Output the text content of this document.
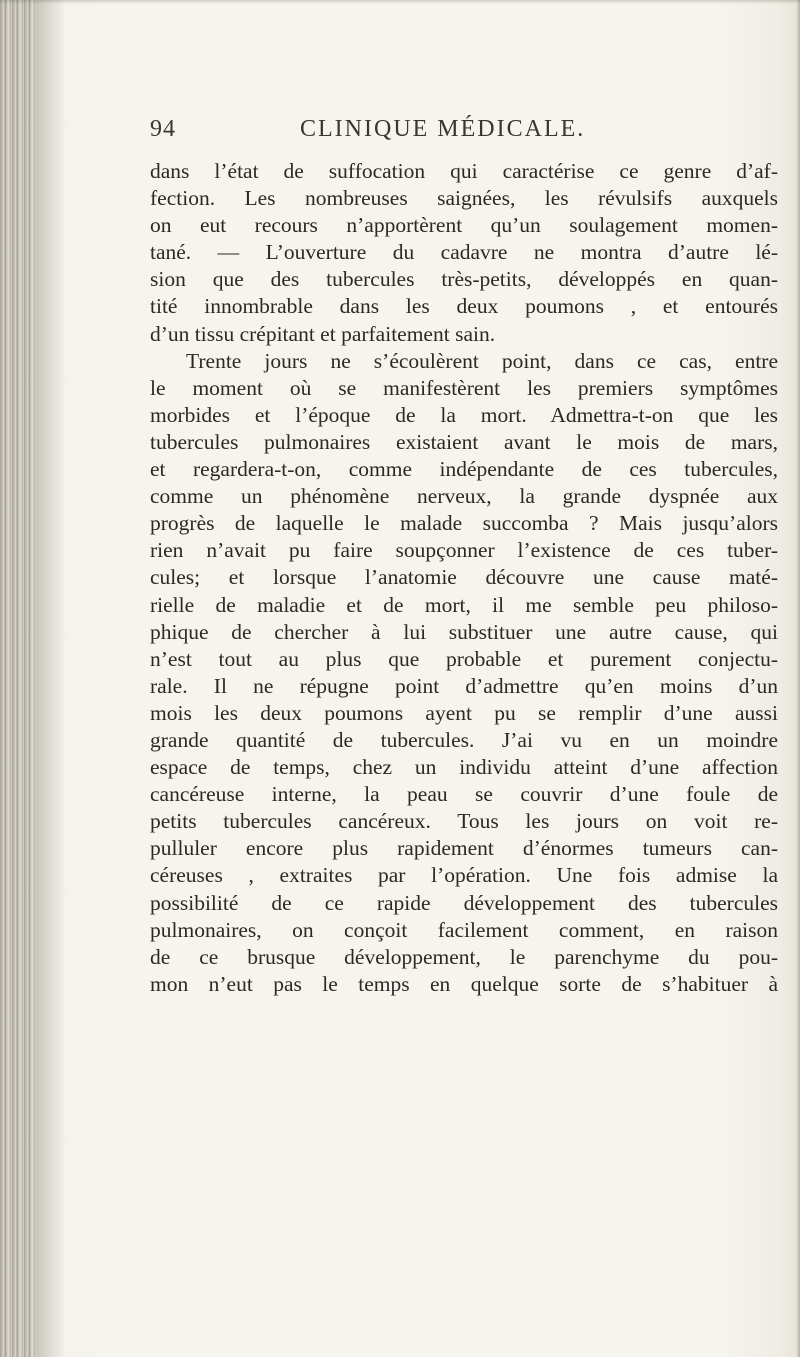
94	CLINIQUE MÉDICALE.
dans l’état de suffocation qui caractérise ce genre d’af-
fection. Les nombreuses saignées, les révulsifs auxquels
on eut recours n’apportèrent qu’un soulagement momen-
tané. — L’ouverture du cadavre ne montra d’autre lé-
sion que des tubercules très-petits, développés en quan-
tité innombrable dans les deux poumons , et entourés
d’un tissu crépitant et parfaitement sain.
Trente jours ne s’écoulèrent point, dans ce cas, entre
le moment où se manifestèrent les premiers symptômes
morbides et l’époque de la mort. Admettra-t-on que les
tubercules pulmonaires existaient avant le mois de mars,
et regardera-t-on, comme indépendante de ces tubercules,
comme un phénomène nerveux, la grande dyspnée aux
progrès de laquelle le malade succomba ? Mais jusqu’alors
rien n’avait pu faire soupçonner l’existence de ces tuber-
cules; et lorsque l’anatomie découvre une cause maté-
rielle de maladie et de mort, il me semble peu philoso-
phique de chercher à lui substituer une autre cause, qui
n’est tout au plus que probable et purement conjectu-
rale. Il ne répugne point d’admettre qu’en moins d’un
mois les deux poumons ayent pu se remplir d’une aussi
grande quantité de tubercules. J’ai vu en un moindre
espace de temps, chez un individu atteint d’une affection
cancéreuse interne, la peau se couvrir d’une foule de
petits tubercules cancéreux. Tous les jours on voit re-
pulluler encore plus rapidement d’énormes tumeurs can-
céreuses , extraites par l’opération. Une fois admise la
possibilité de ce rapide développement des tubercules
pulmonaires, on conçoit facilement comment, en raison
de ce brusque développement, le parenchyme du pou-
mon n’eut pas le temps en quelque sorte de s’habituer à
